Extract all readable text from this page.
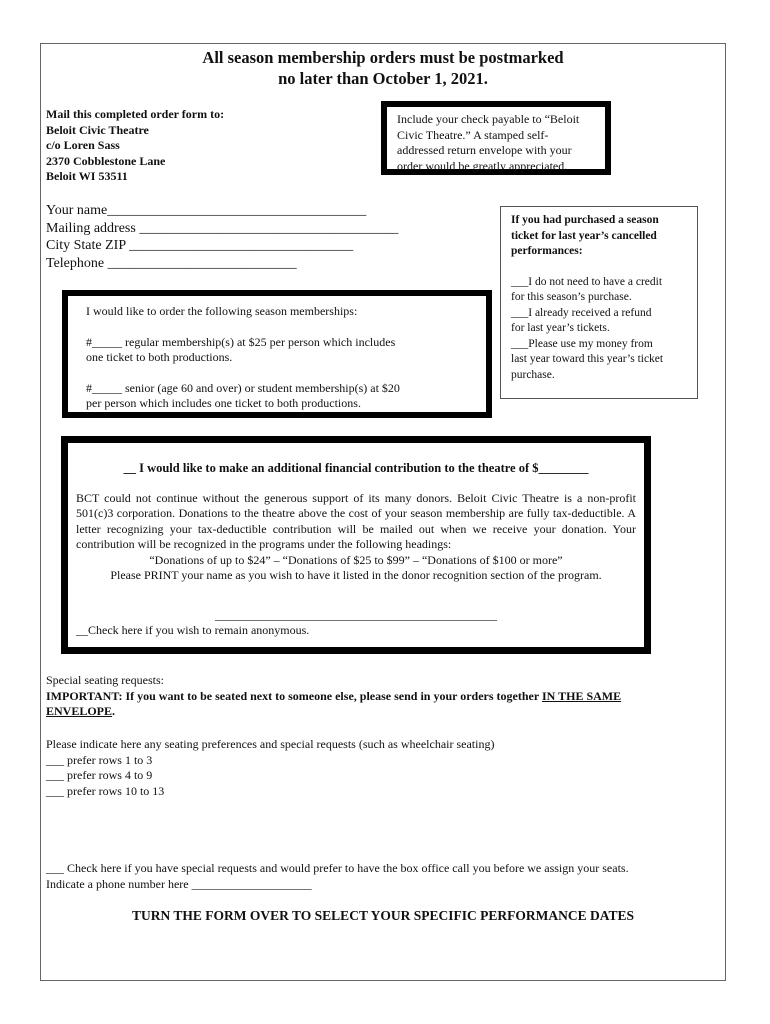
All season membership orders must be postmarked
no later than October 1, 2021.
Mail this completed order form to:
Beloit Civic Theatre
c/o Loren Sass
2370 Cobblestone Lane
Beloit WI 53511
Include your check payable to “Beloit
Civic Theatre.” A stamped self-
addressed return envelope with your
order would be greatly appreciated.
Your name_____________________________________
Mailing address _____________________________________
City State ZIP ________________________________
Telephone ___________________________
If you had purchased a season
ticket for last year’s cancelled
performances:
___I do not need to have a credit
for this season’s purchase.
___I already received a refund
for last year’s tickets.
___Please use my money from
last year toward this year’s ticket
purchase.

I would like to order the following season memberships:

#_____ regular membership(s) at $25 per person which includes
one ticket to both productions.

#_____ senior (age 60 and over) or student membership(s) at $20
per person which includes one ticket to both productions.

__ I would like to make an additional financial contribution to the theatre of $________
BCT could not continue without the generous support of its many donors. Beloit Civic Theatre is a non-profit 501(c)3 corporation. Donations to the theatre above the cost of your season membership are fully tax-deductible. A letter recognizing your tax-deductible contribution will be mailed out when we receive your donation. Your contribution will be recognized in the programs under the following headings:
“Donations of up to $24” – “Donations of $25 to $99” – “Donations of $100 or more”
Please PRINT your name as you wish to have it listed in the donor recognition section of the program.
_______________________________________________
__Check here if you wish to remain anonymous.
Special seating requests:
IMPORTANT: If you want to be seated next to someone else, please send in your orders together IN THE SAME ENVELOPE.
Please indicate here any seating preferences and special requests (such as wheelchair seating)
___ prefer rows 1 to 3
___ prefer rows 4 to 9
___ prefer rows 10 to 13
___ Check here if you have special requests and would prefer to have the box office call you before we assign your seats.
Indicate a phone number here ____________________
TURN THE FORM OVER TO SELECT YOUR SPECIFIC PERFORMANCE DATES
